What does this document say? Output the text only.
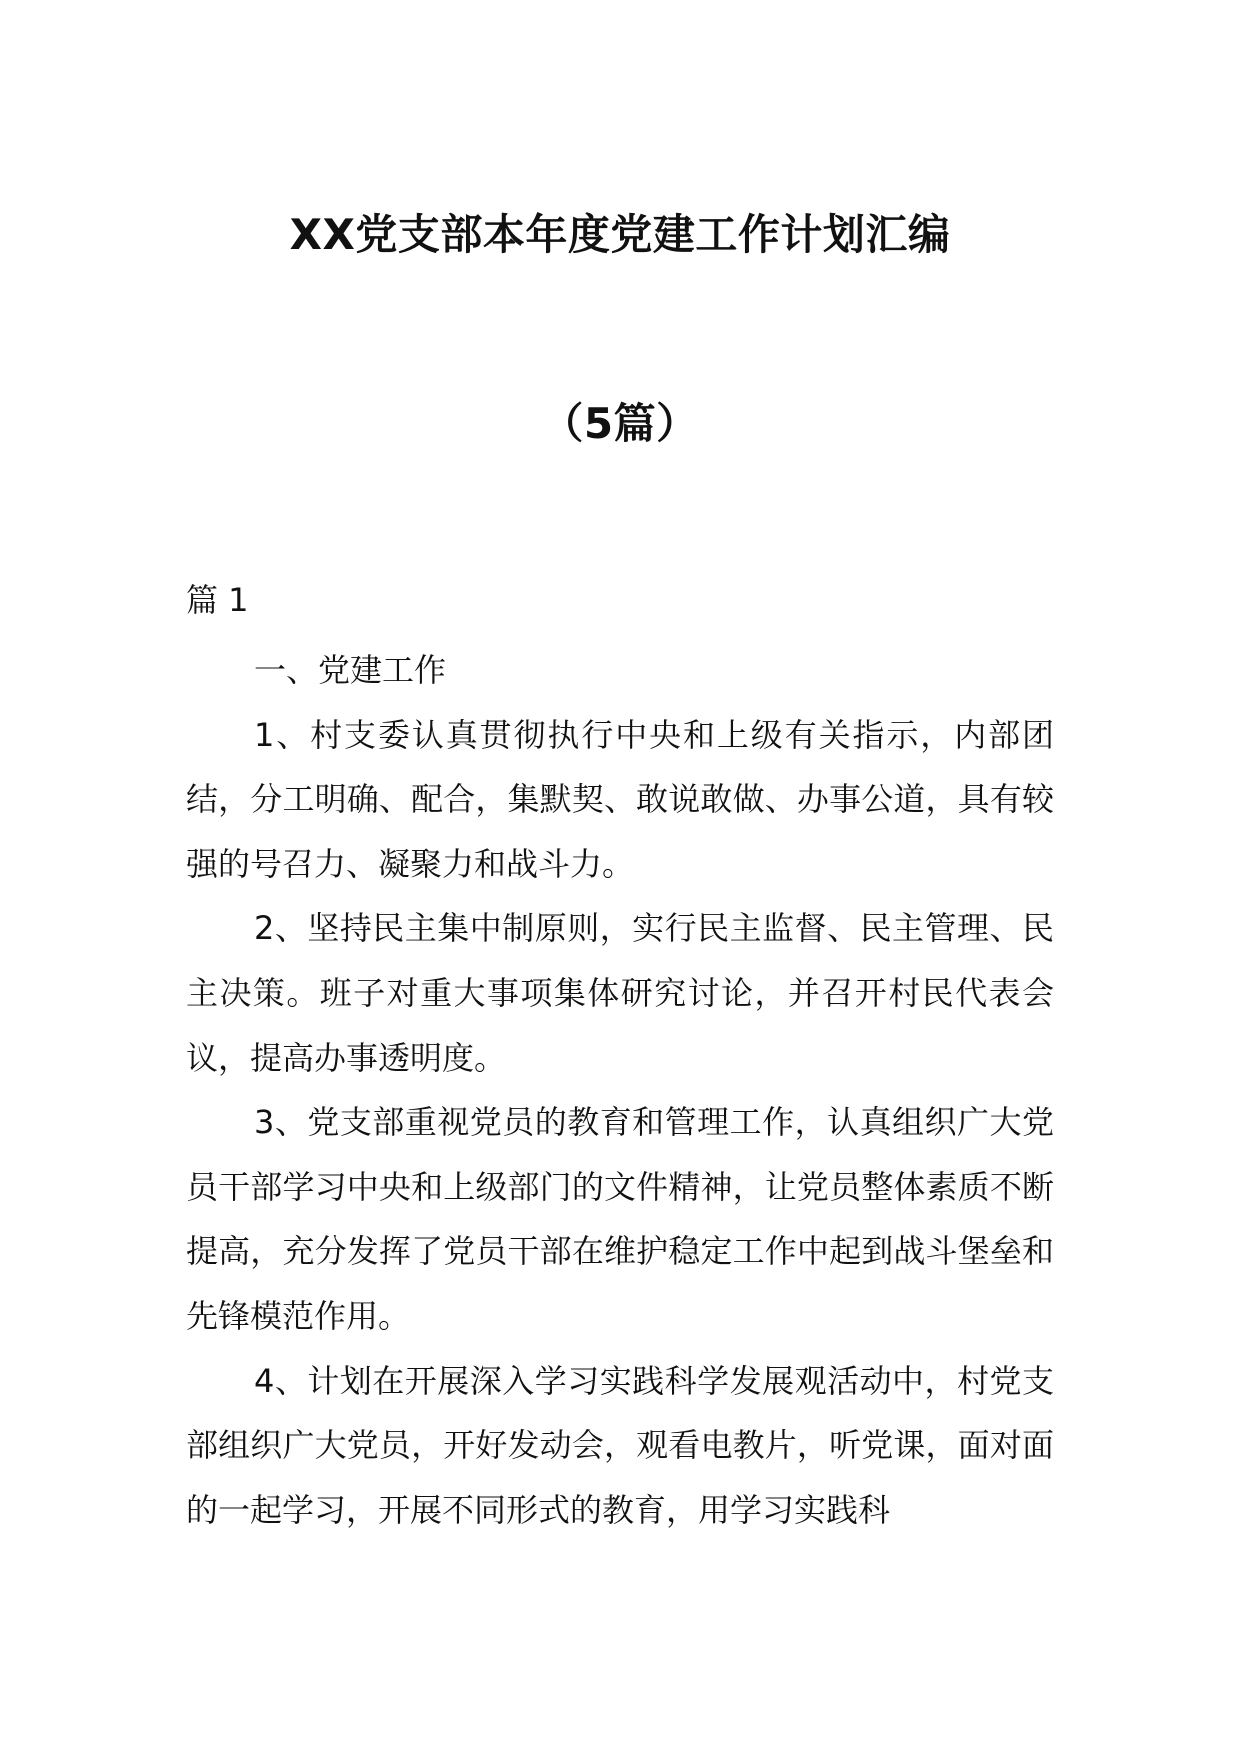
XX党支部本年度党建工作计划汇编
（5篇）
篇 1

一、党建工作

1、村支委认真贯彻执行中央和上级有关指示，内部团结，分工明确、配合，集默契、敢说敢做、办事公道，具有较强的号召力、凝聚力和战斗力。

2、坚持民主集中制原则，实行民主监督、民主管理、民主决策。班子对重大事项集体研究讨论，并召开村民代表会议，提高办事透明度。

3、党支部重视党员的教育和管理工作，认真组织广大党员干部学习中央和上级部门的文件精神，让党员整体素质不断提高，充分发挥了党员干部在维护稳定工作中起到战斗堡垒和先锋模范作用。

4、计划在开展深入学习实践科学发展观活动中，村党支部组织广大党员，开好发动会，观看电教片，听党课，面对面的一起学习，开展不同形式的教育，用学习实践科
